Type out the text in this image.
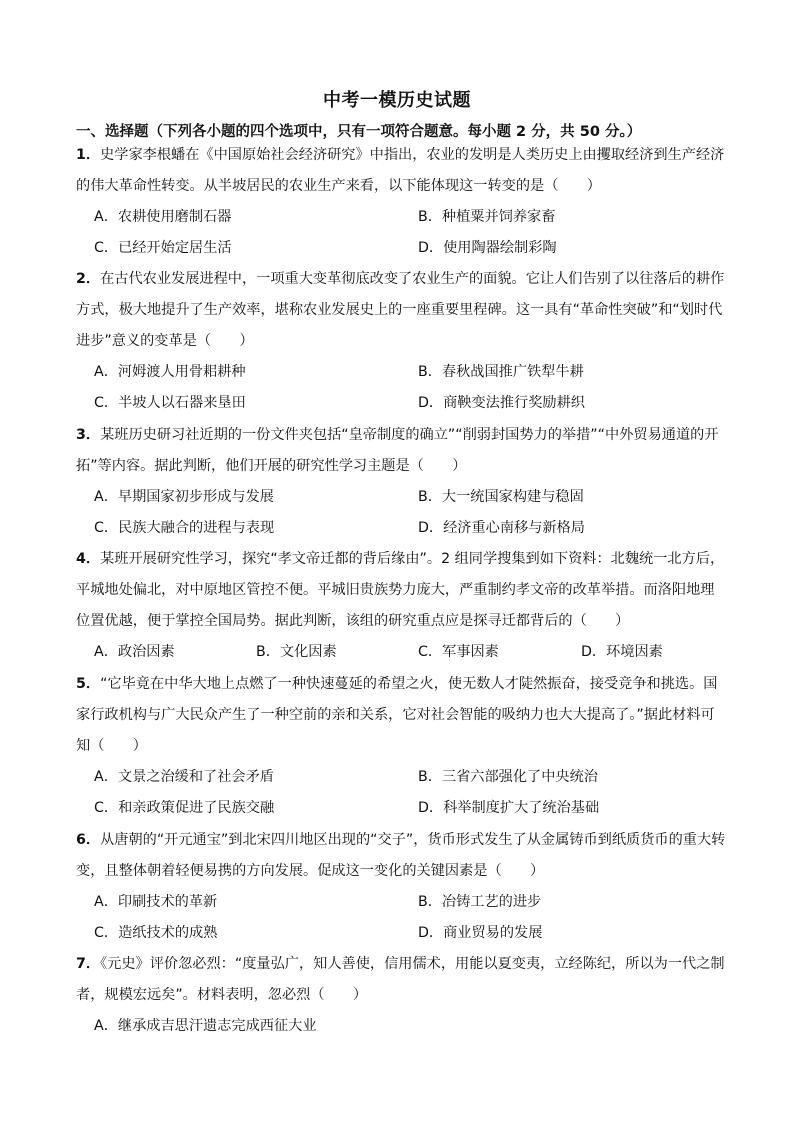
中考一模历史试题
一、选择题（下列各小题的四个选项中，只有一项符合题意。每小题 2 分，共 50 分。）
1．史学家李根蟠在《中国原始社会经济研究》中指出，农业的发明是人类历史上由攫取经济到生产经济
的伟大革命性转变。从半坡居民的农业生产来看，以下能体现这一转变的是（　　）
A．农耕使用磨制石器	B．种植粟并饲养家畜
C．已经开始定居生活	D．使用陶器绘制彩陶
2．在古代农业发展进程中，一项重大变革彻底改变了农业生产的面貌。它让人们告别了以往落后的耕作
方式，极大地提升了生产效率，堪称农业发展史上的一座重要里程碑。这一具有“革命性突破”和“划时代
进步”意义的变革是（　　）
A．河姆渡人用骨耜耕种	B．春秋战国推广铁犁牛耕
C．半坡人以石器来垦田	D．商鞅变法推行奖励耕织
3．某班历史研习社近期的一份文件夹包括“皇帝制度的确立”“削弱封国势力的举措”“中外贸易通道的开
拓”等内容。据此判断，他们开展的研究性学习主题是（　　）
A．早期国家初步形成与发展	B．大一统国家构建与稳固
C．民族大融合的进程与表现	D．经济重心南移与新格局
4．某班开展研究性学习，探究“孝文帝迁都的背后缘由”。2 组同学搜集到如下资料：北魏统一北方后，
平城地处偏北，对中原地区管控不便。平城旧贵族势力庞大，严重制约孝文帝的改革举措。而洛阳地理
位置优越，便于掌控全国局势。据此判断，该组的研究重点应是探寻迁都背后的（　　）
A．政治因素	B．文化因素	C．军事因素	D．环境因素
5．“它毕竟在中华大地上点燃了一种快速蔓延的希望之火，使无数人才陡然振奋，接受竞争和挑选。国
家行政机构与广大民众产生了一种空前的亲和关系，它对社会智能的吸纳力也大大提高了。”据此材料可
知（　　）
A．文景之治缓和了社会矛盾	B．三省六部强化了中央统治
C．和亲政策促进了民族交融	D．科举制度扩大了统治基础
6．从唐朝的“开元通宝”到北宋四川地区出现的“交子”，货币形式发生了从金属铸币到纸质货币的重大转
变，且整体朝着轻便易携的方向发展。促成这一变化的关键因素是（　　）
A．印刷技术的革新	B．冶铸工艺的进步
C．造纸技术的成熟	D．商业贸易的发展
7．《元史》评价忽必烈：“度量弘广，知人善使，信用儒术，用能以夏变夷，立经陈纪，所以为一代之制
者，规模宏远矣”。材料表明，忽必烈（　　）
A．继承成吉思汗遗志完成西征大业
